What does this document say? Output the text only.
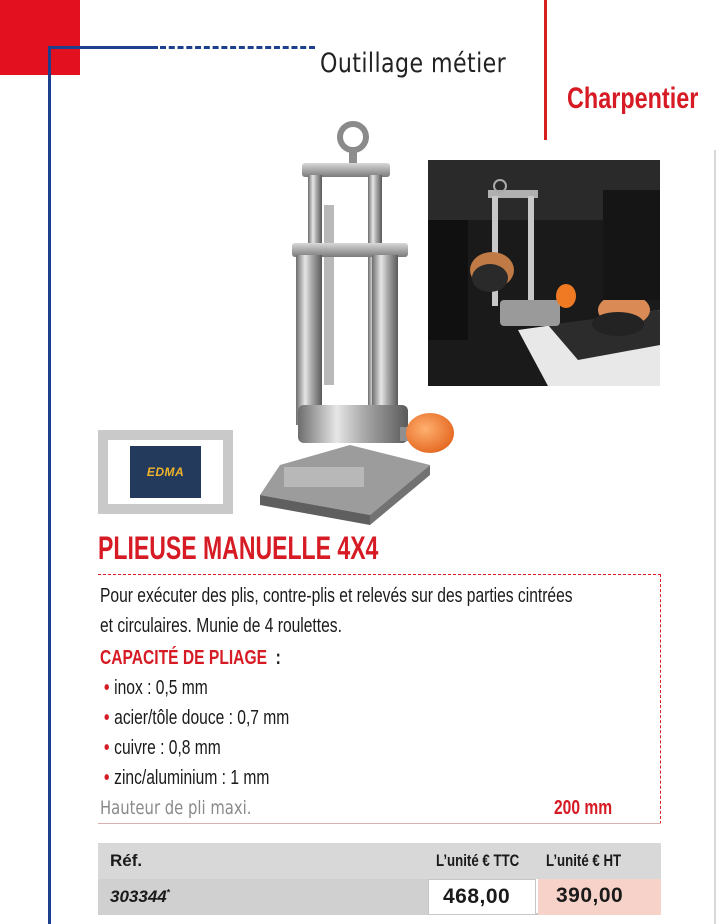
Outillage métier
Charpentier
EDMA
PLIEUSE MANUELLE 4X4
Pour exécuter des plis, contre-plis et relevés sur des parties cintrées
et circulaires. Munie de 4 roulettes.
CAPACITÉ DE PLIAGE :
• inox : 0,5 mm
• acier/tôle douce : 0,7 mm
• cuivre : 0,8 mm
• zinc/aluminium : 1 mm
Hauteur de pli maxi.	200 mm
Réf.	L’unité € TTC	L’unité € HT
303344*	468,00 390,00
